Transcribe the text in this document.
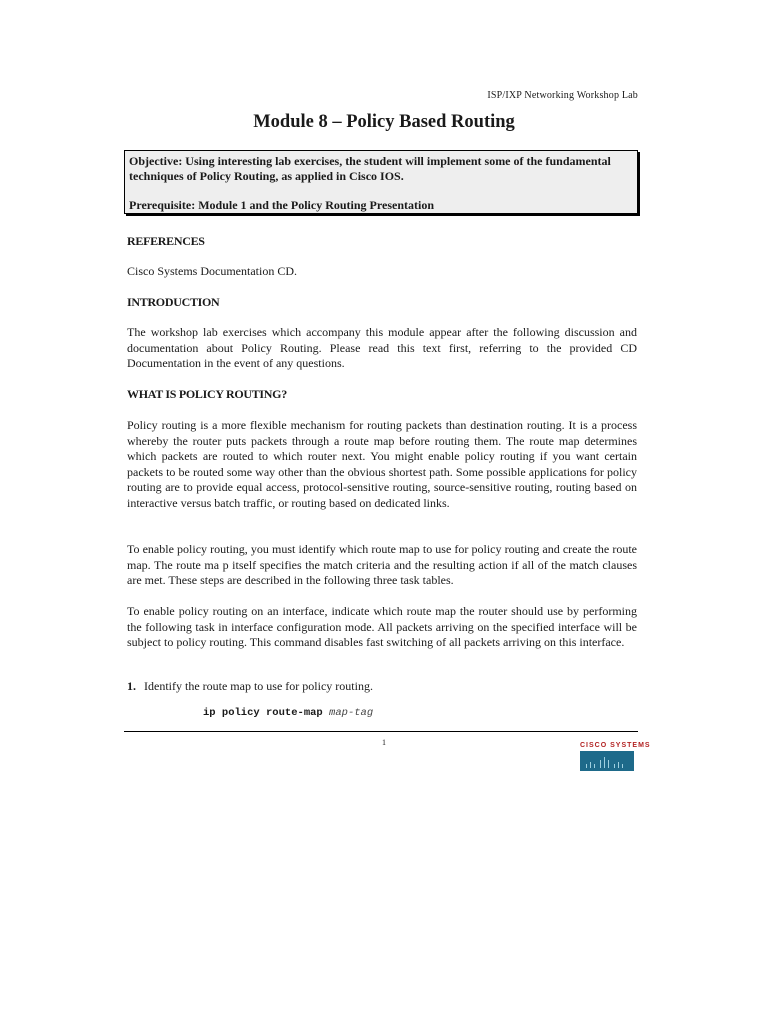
ISP/IXP Networking Workshop Lab
Module 8 – Policy Based Routing

Objective: Using interesting lab exercises, the student will implement some of the fundamental techniques of Policy Routing, as applied in Cisco IOS.

Prerequisite: Module 1 and the Policy Routing Presentation

REFERENCES

Cisco Systems Documentation CD.

INTRODUCTION

The workshop lab exercises which accompany this module appear after the following discussion and documentation about Policy Routing. Please read this text first, referring to the provided CD Documentation in the event of any questions.

WHAT IS POLICY ROUTING?

Policy routing is a more flexible mechanism for routing packets than destination routing. It is a process whereby the router puts packets through a route map before routing them. The route map determines which packets are routed to which router next. You might enable policy routing if you want certain packets to be routed some way other than the obvious shortest path. Some possible applications for policy routing are to provide equal access, protocol-sensitive routing, source-sensitive routing, routing based on interactive versus batch traffic, or routing based on dedicated links.

To enable policy routing, you must identify which route map to use for policy routing and create the route map. The route ma p itself specifies the match criteria and the resulting action if all of the match clauses are met. These steps are described in the following three task tables.

To enable policy routing on an interface, indicate which route map the router should use by performing the following task in interface configuration mode. All packets arriving on the specified interface will be subject to policy routing. This command disables fast switching of all packets arriving on this interface.

1. Identify the route map to use for policy routing.
ip policy route-map map-tag
1	CISCO SYSTEMS
